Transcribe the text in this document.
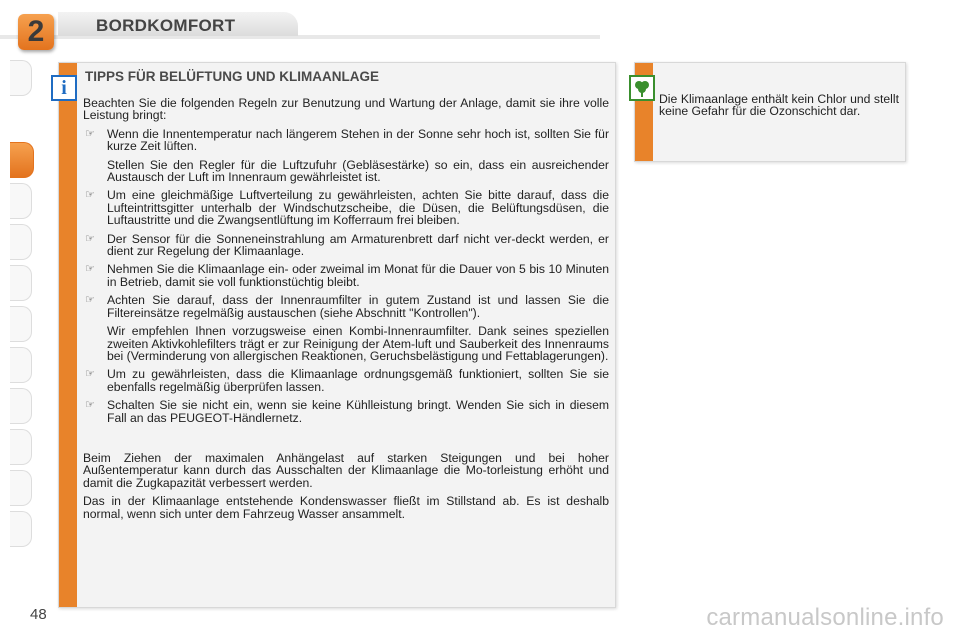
2	BORDKOMFORT
i
TIPPS FÜR BELÜFTUNG UND KLIMAANLAGE

Beachten Sie die folgenden Regeln zur Benutzung und Wartung der Anlage, damit sie ihre volle Leistung bringt:

☞ Wenn die Innentemperatur nach längerem Stehen in der Sonne sehr hoch ist, sollten Sie für kurze Zeit lüften.
Stellen Sie den Regler für die Luftzufuhr (Gebläsestärke) so ein, dass ein ausreichender Austausch der Luft im Innenraum gewährleistet ist.
☞ Um eine gleichmäßige Luftverteilung zu gewährleisten, achten Sie bitte darauf, dass die Lufteintrittsgitter unterhalb der Windschutzscheibe, die Düsen, die Belüftungsdüsen, die Luftaustritte und die Zwangsentlüftung im Kofferraum frei bleiben.
☞ Der Sensor für die Sonneneinstrahlung am Armaturenbrett darf nicht ver-deckt werden, er dient zur Regelung der Klimaanlage.
☞ Nehmen Sie die Klimaanlage ein- oder zweimal im Monat für die Dauer von 5 bis 10 Minuten in Betrieb, damit sie voll funktionstüchtig bleibt.
☞ Achten Sie darauf, dass der Innenraumfilter in gutem Zustand ist und lassen Sie die Filtereinsätze regelmäßig austauschen (siehe Abschnitt "Kontrollen").
Wir empfehlen Ihnen vorzugsweise einen Kombi-Innenraumfilter. Dank seines speziellen zweiten Aktivkohlefilters trägt er zur Reinigung der Atem-luft und Sauberkeit des Innenraums bei (Verminderung von allergischen Reaktionen, Geruchsbelästigung und Fettablagerungen).
☞ Um zu gewährleisten, dass die Klimaanlage ordnungsgemäß funktioniert, sollten Sie sie ebenfalls regelmäßig überprüfen lassen.
☞ Schalten Sie sie nicht ein, wenn sie keine Kühlleistung bringt. Wenden Sie sich in diesem Fall an das PEUGEOT-Händlernetz.

Beim Ziehen der maximalen Anhängelast auf starken Steigungen und bei hoher Außentemperatur kann durch das Ausschalten der Klimaanlage die Mo-torleistung erhöht und damit die Zugkapazität verbessert werden.

Das in der Klimaanlage entstehende Kondenswasser fließt im Stillstand ab. Es ist deshalb normal, wenn sich unter dem Fahrzeug Wasser ansammelt.

Die Klimaanlage enthält kein Chlor und stellt keine Gefahr für die Ozonschicht dar.
48	carmanualsonline.info
